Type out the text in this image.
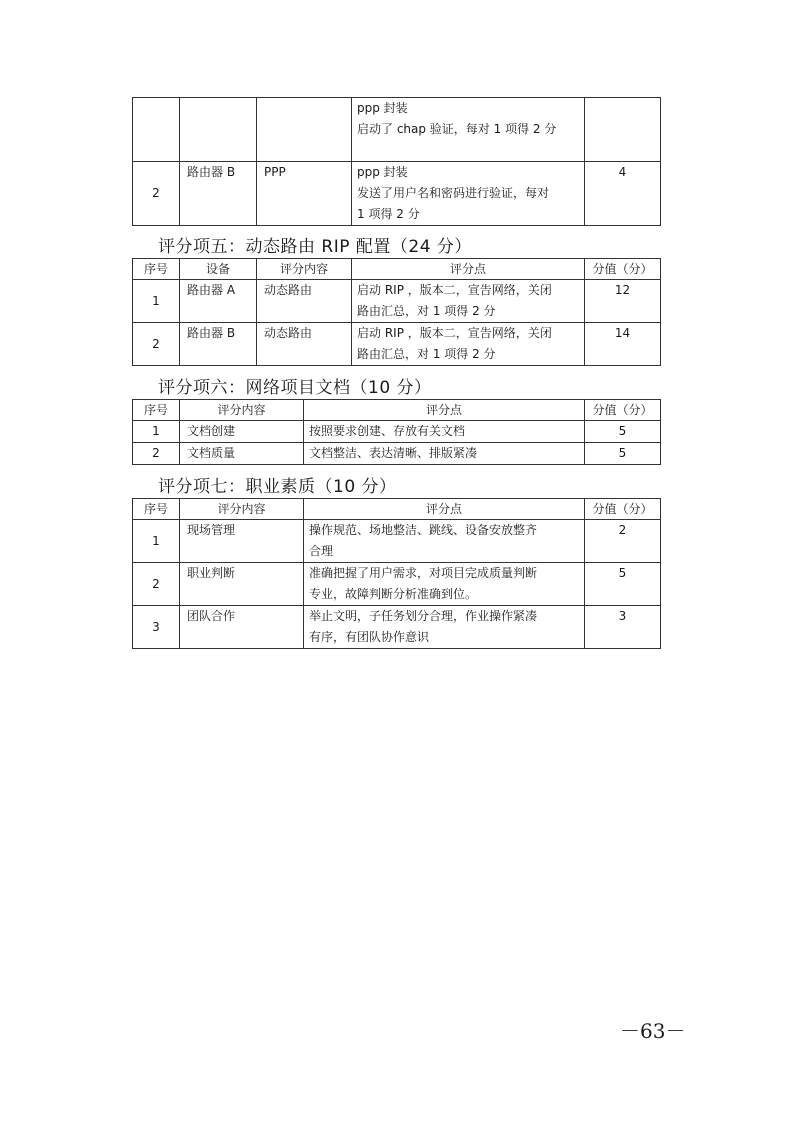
			ppp 封装
启动了 chap 验证，每对 1 项得 2 分	

2	路由器 B	PPP	ppp 封装
发送了用户名和密码进行验证，每对
1 项得 2 分	4
评分项五：动态路由 RIP 配置（24 分）
序号	设备	评分内容	评分点	分值（分）
1	路由器 A	动态路由	启动 RIP ，版本二，宣告网络，关闭
路由汇总，对 1 项得 2 分	12
2	路由器 B	动态路由	启动 RIP ，版本二，宣告网络，关闭
路由汇总，对 1 项得 2 分	14
评分项六：网络项目文档（10 分）
序号	评分内容	评分点	分值（分）
1	文档创建	按照要求创建、存放有关文档	5
2	文档质量	文档整洁、表达清晰、排版紧凑	5
评分项七：职业素质（10 分）
序号	评分内容	评分点	分值（分）
1	现场管理	操作规范、场地整洁、跳线、设备安放整齐
合理	2
2	职业判断	准确把握了用户需求，对项目完成质量判断
专业，故障判断分析准确到位。	5
3	团队合作	举止文明，子任务划分合理，作业操作紧凑
有序，有团队协作意识	3
－63－
